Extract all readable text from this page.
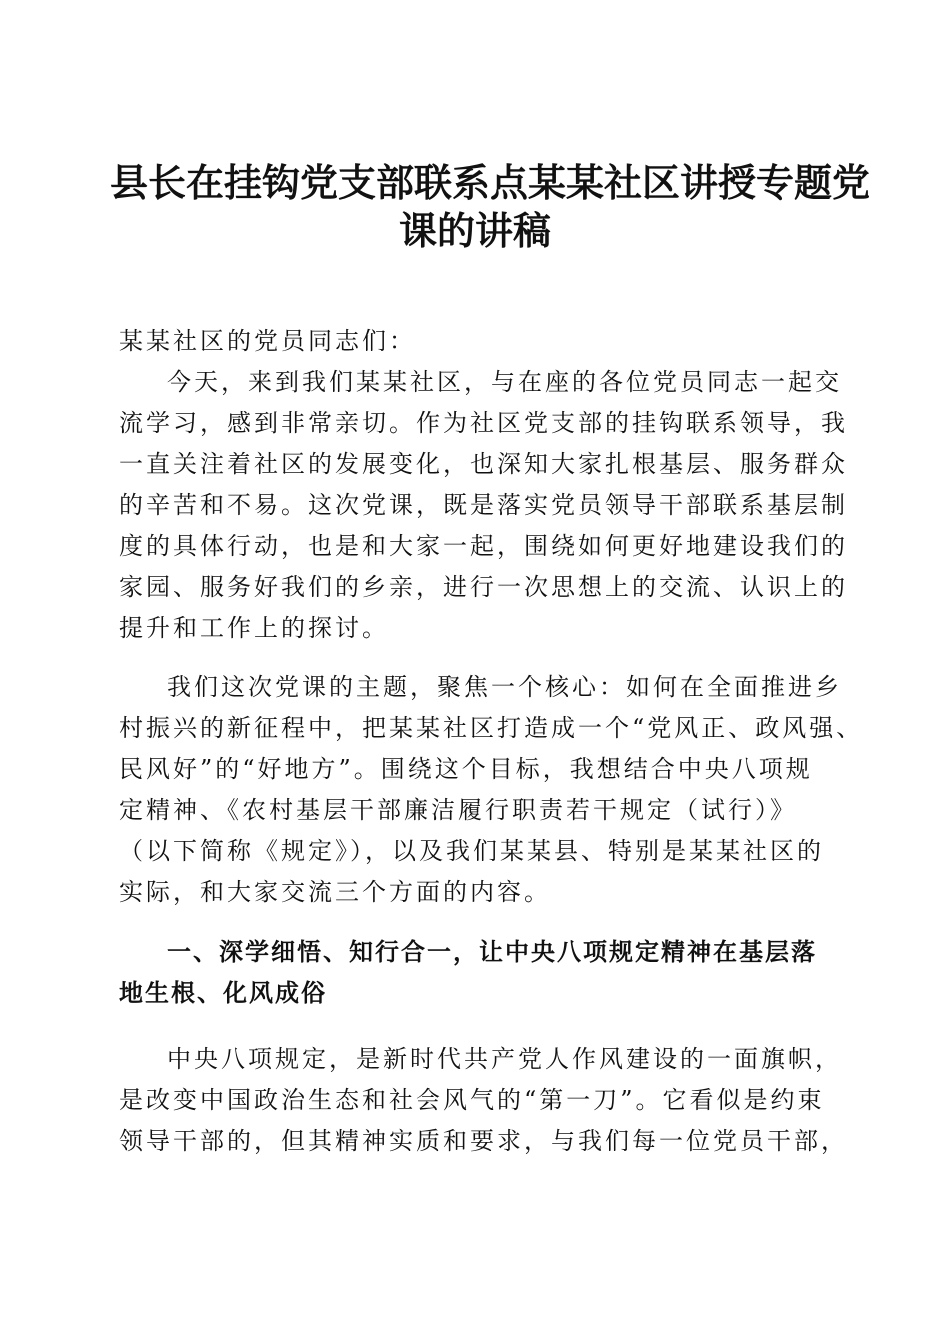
县长在挂钩党支部联系点某某社区讲授专题党
课的讲稿
某某社区的党员同志们：
今天，来到我们某某社区，与在座的各位党员同志一起交
流学习，感到非常亲切。作为社区党支部的挂钩联系领导，我
一直关注着社区的发展变化，也深知大家扎根基层、服务群众
的辛苦和不易。这次党课，既是落实党员领导干部联系基层制
度的具体行动，也是和大家一起，围绕如何更好地建设我们的
家园、服务好我们的乡亲，进行一次思想上的交流、认识上的
提升和工作上的探讨。
我们这次党课的主题，聚焦一个核心：如何在全面推进乡
村振兴的新征程中，把某某社区打造成一个“党风正、政风强、
民风好”的“好地方”。围绕这个目标，我想结合中央八项规
定精神、《农村基层干部廉洁履行职责若干规定（试行）》
（以下简称《规定》），以及我们某某县、特别是某某社区的
实际，和大家交流三个方面的内容。
一、深学细悟、知行合一，让中央八项规定精神在基层落
地生根、化风成俗
中央八项规定，是新时代共产党人作风建设的一面旗帜，
是改变中国政治生态和社会风气的“第一刀”。它看似是约束
领导干部的，但其精神实质和要求，与我们每一位党员干部，
